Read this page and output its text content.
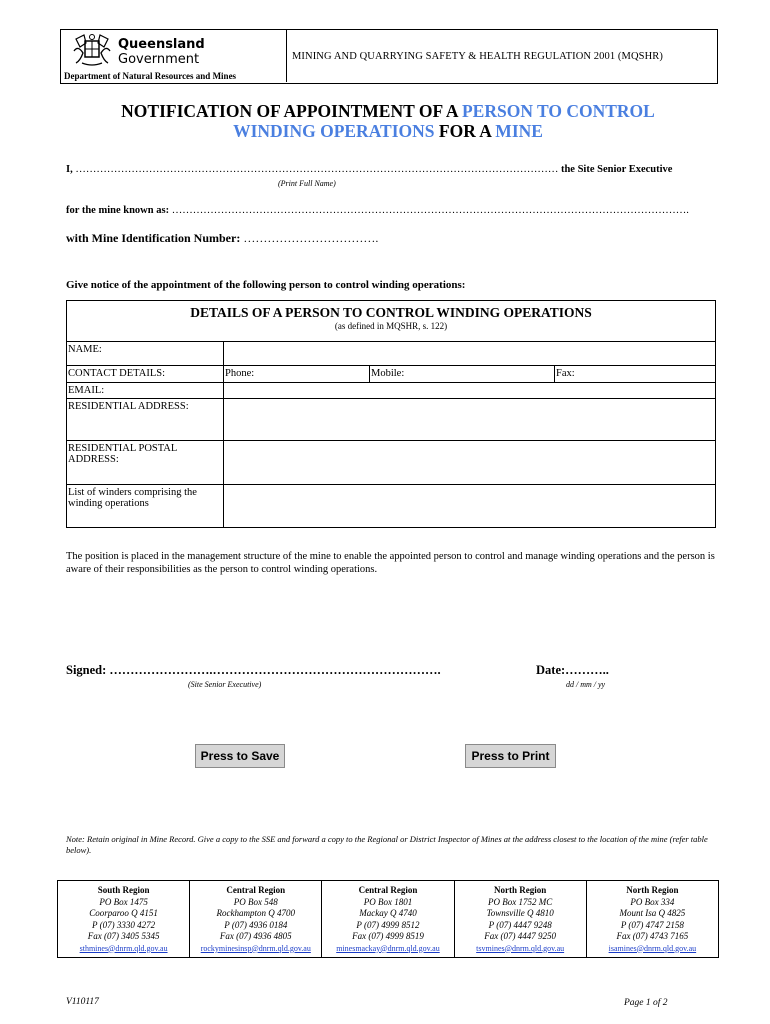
Queensland
Government
Department of Natural Resources and Mines
MINING AND QUARRYING SAFETY & HEALTH REGULATION 2001 (MQSHR)
NOTIFICATION OF APPOINTMENT OF A PERSON TO CONTROL
WINDING OPERATIONS FOR A MINE
I, ………………………………………………………………………………………………………………………… the Site Senior Executive
(Print Full Name)
for the mine known as: ………………………………………………………………………………………………………………………………….
with Mine Identification Number: …………………………….
Give notice of the appointment of the following person to control winding operations:
DETAILS OF A PERSON TO CONTROL WINDING OPERATIONS
(as defined in MQSHR, s. 122)			

NAME:			
CONTACT DETAILS:	Phone:	Mobile:	Fax:
EMAIL:			
RESIDENTIAL ADDRESS:			
RESIDENTIAL POSTAL ADDRESS:			
List of winders comprising the winding operations			
The position is placed in the management structure of the mine to enable the appointed person to control and manage winding operations and the person is aware of their responsibilities as the person to control winding operations.
Signed: …………………….……………………………………………….
(Site Senior Executive)
Date:………..
dd / mm / yy
Press to Save	Press to Print
Note: Retain original in Mine Record. Give a copy to the SSE and forward a copy to the Regional or District Inspector of Mines at the address closest to the location of the mine (refer table below).
South Region
PO Box 1475
Coorparoo Q 4151
P (07) 3330 4272
Fax (07) 3405 5345
sthmines@dnrm.qld.gov.au

Central Region
PO Box 548
Rockhampton Q 4700
P (07) 4936 0184
Fax (07) 4936 4805
rockyminesinsp@dnrm.qld.gov.au

Central Region
PO Box 1801
Mackay Q 4740
P (07) 4999 8512
Fax (07) 4999 8519
minesmackay@dnrm.qld.gov.au

North Region
PO Box 1752 MC
Townsville Q 4810
P (07) 4447 9248
Fax (07) 4447 9250
tsvmines@dnrm.qld.gov.au

North Region
PO Box 334
Mount Isa Q 4825
P (07) 4747 2158
Fax (07) 4743 7165
isamines@dnrm.qld.gov.au
V110117	Page 1 of 2
